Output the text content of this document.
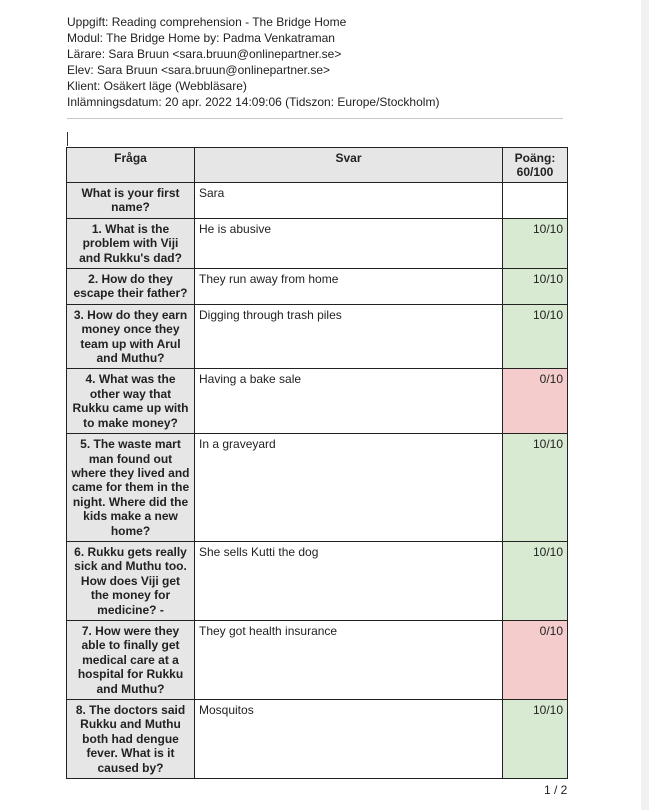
Uppgift: Reading comprehension - The Bridge Home
Modul: The Bridge Home by: Padma Venkatraman
Lärare: Sara Bruun <sara.bruun@onlinepartner.se>
Elev: Sara Bruun <sara.bruun@onlinepartner.se>
Klient: Osäkert läge (Webbläsare)
Inlämningsdatum: 20 apr. 2022 14:09:06 (Tidszon: Europe/Stockholm)
Fråga	Svar	Poäng: 60/100
What is your first name?	Sara	
1. What is the problem with Viji and Rukku's dad?	He is abusive	10/10
2. How do they escape their father?	They run away from home	10/10
3. How do they earn money once they team up with Arul and Muthu?	Digging through trash piles	10/10
4. What was the other way that Rukku came up with to make money?	Having a bake sale	0/10
5. The waste mart man found out where they lived and came for them in the night. Where did the kids make a new home?	In a graveyard	10/10
6. Rukku gets really sick and Muthu too. How does Viji get the money for medicine? -	She sells Kutti the dog	10/10
7. How were they able to finally get medical care at a hospital for Rukku and Muthu?	They got health insurance	0/10
8. The doctors said Rukku and Muthu both had dengue fever. What is it caused by?	Mosquitos	10/10
1 / 2
